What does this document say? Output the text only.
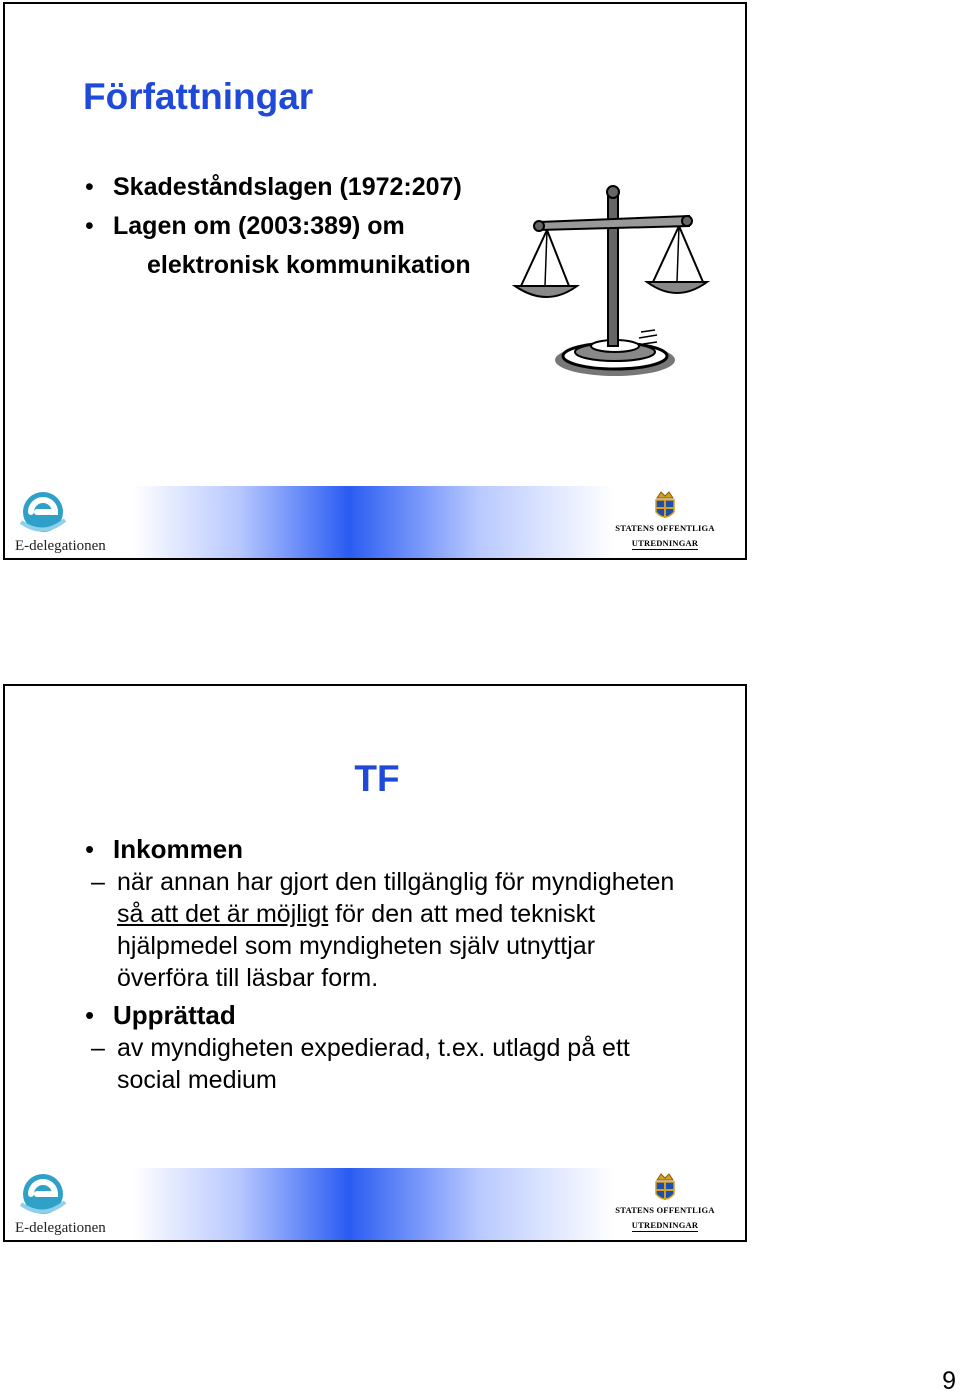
Författningar
• Skadeståndslagen (1972:207)
• Lagen om (2003:389) om
elektronisk kommunikation
E-delegationen
STATENS OFFENTLIGA
UTREDNINGAR
TF
• Inkommen
– när annan har gjort den tillgänglig för myndigheten så att det är möjligt för den att med tekniskt hjälpmedel som myndigheten själv utnyttjar överföra till läsbar form.
• Upprättad
– av myndigheten expedierad, t.ex. utlagd på ett social medium
E-delegationen
STATENS OFFENTLIGA
UTREDNINGAR
9
